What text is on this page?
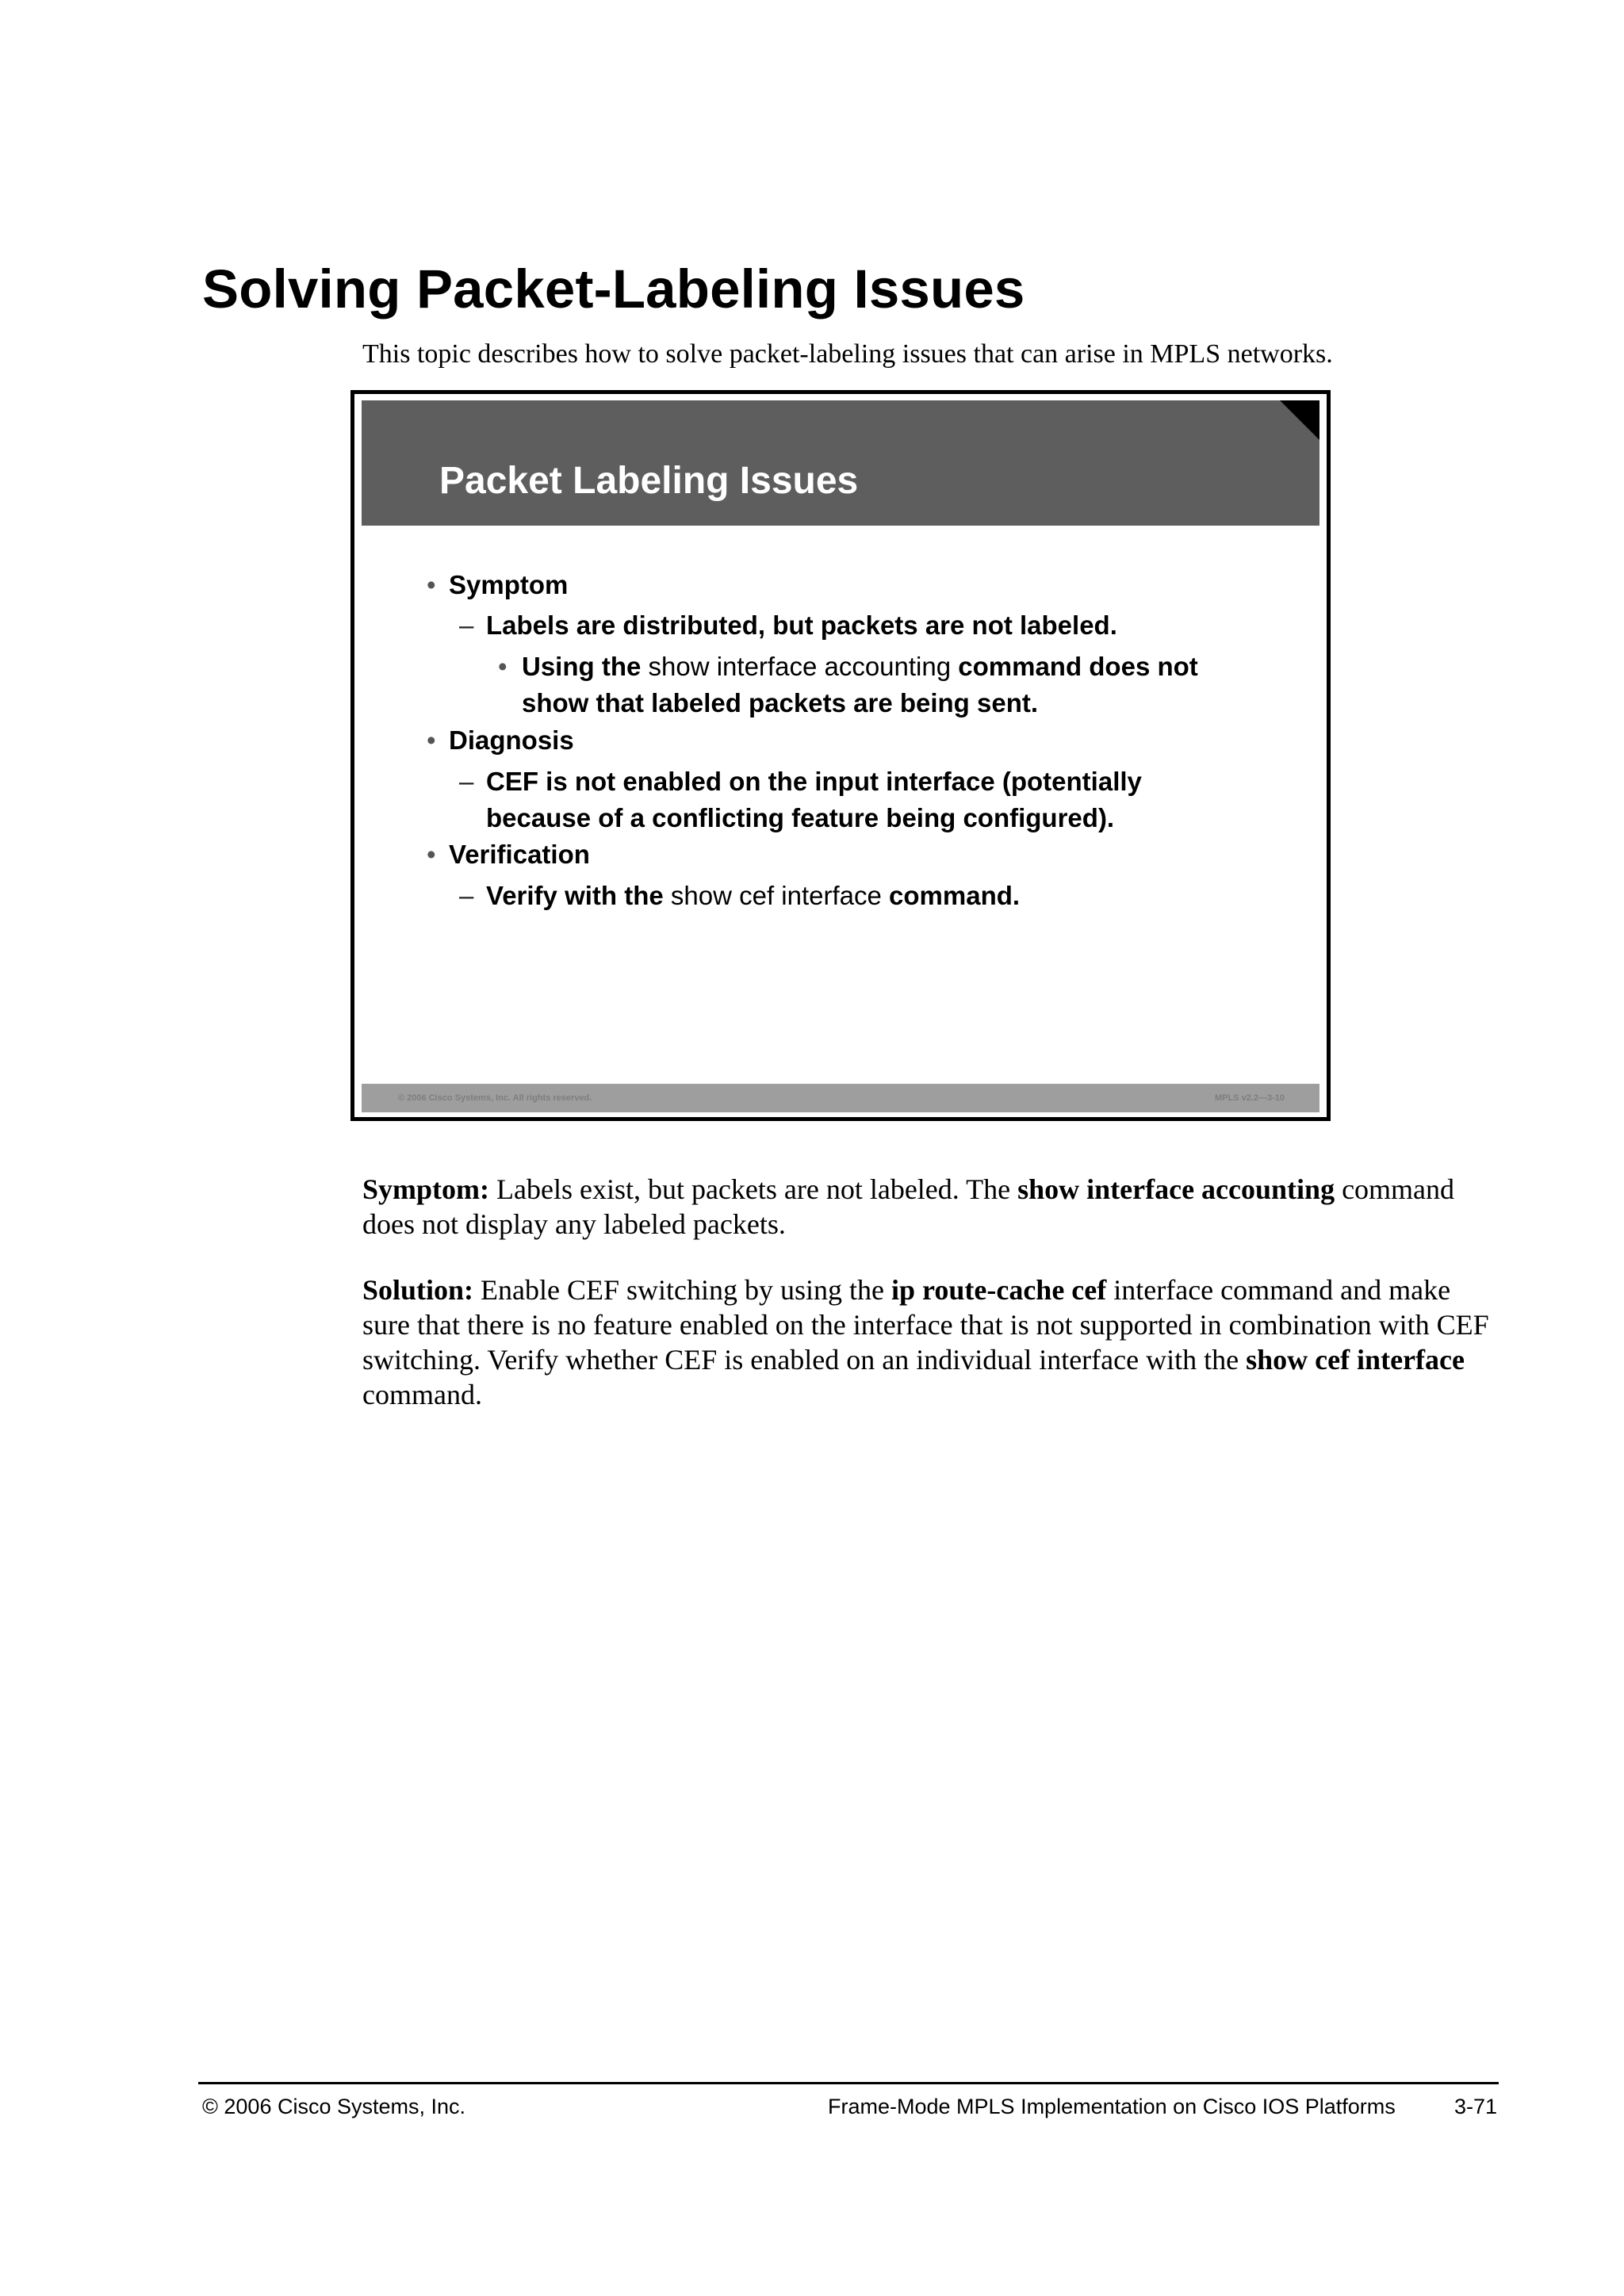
Solving Packet-Labeling Issues
This topic describes how to solve packet-labeling issues that can arise in MPLS networks.
Packet Labeling Issues
• Symptom
– Labels are distributed, but packets are not labeled.
• Using the show interface accounting command does not
show that labeled packets are being sent.
• Diagnosis
– CEF is not enabled on the input interface (potentially
because of a conflicting feature being configured).
• Verification
– Verify with the show cef interface command.
© 2006 Cisco Systems, Inc. All rights reserved.	MPLS v2.2—3-10

Symptom: Labels exist, but packets are not labeled. The show interface accounting command does not display any labeled packets.

Solution: Enable CEF switching by using the ip route-cache cef interface command and make sure that there is no feature enabled on the interface that is not supported in combination with CEF switching. Verify whether CEF is enabled on an individual interface with the show cef interface command.

© 2006 Cisco Systems, Inc.	Frame-Mode MPLS Implementation on Cisco IOS Platforms	3-71
